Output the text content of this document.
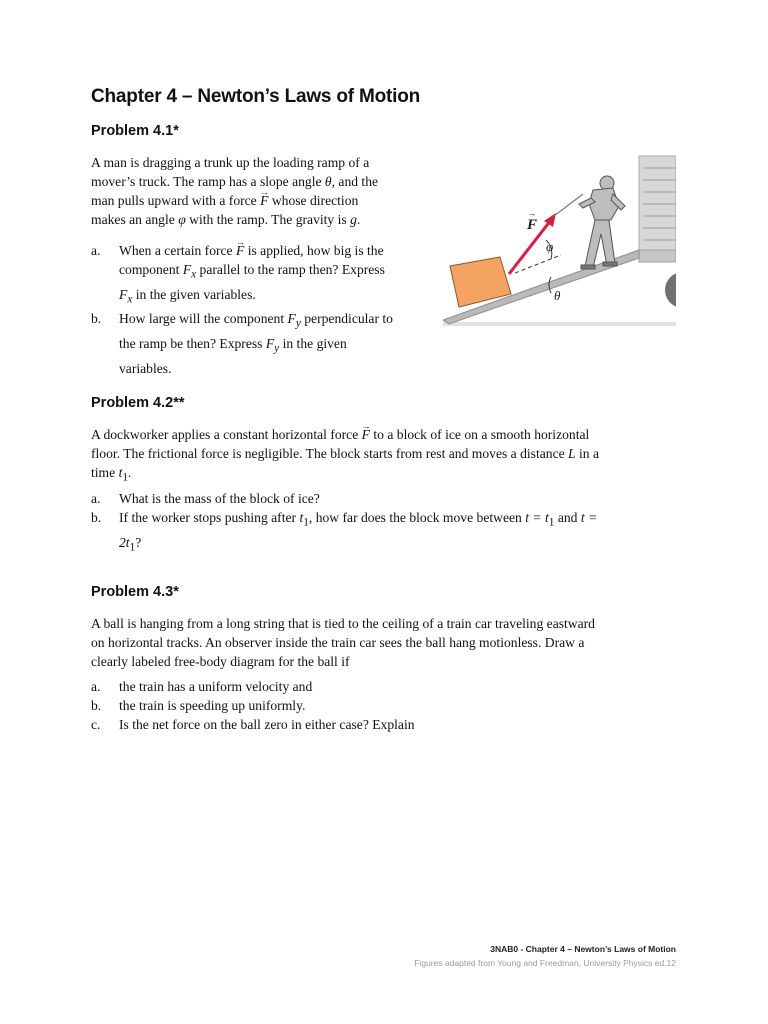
Chapter 4 – Newton’s Laws of Motion

Problem 4.1*

A man is dragging a trunk up the loading ramp of a
mover’s truck. The ramp has a slope angle θ, and the
man pulls upward with a force → F whose direction
makes an angle φ with the ramp. The gravity is g.

a. When a certain force → F is applied, how big is the
component $F_x$ parallel to the ramp then? Express
$F_x$ in the given variables.
b. How large will the component $F_y$ perpendicular to
the ramp be then? Express $F_y$ in the given
variables.
F
→
φ
θ

Problem 4.2**

A dockworker applies a constant horizontal force → F to a block of ice on a smooth horizontal
floor. The frictional force is negligible. The block starts from rest and moves a distance L in a
time $t_1$.

a. What is the mass of the block of ice?
b. If the worker stops pushing after $t_1$, how far does the block move between $t = t_1$ and t =
$2t_1$?

Problem 4.3*

A ball is hanging from a long string that is tied to the ceiling of a train car traveling eastward
on horizontal tracks. An observer inside the train car sees the ball hang motionless. Draw a
clearly labeled free-body diagram for the ball if

a. the train has a uniform velocity and
b. the train is speeding up uniformly.
c. Is the net force on the ball zero in either case? Explain

3NAB0 - Chapter 4 – Newton’s Laws of Motion

Figures adapted from Young and Freedman, University Physics ed.12
